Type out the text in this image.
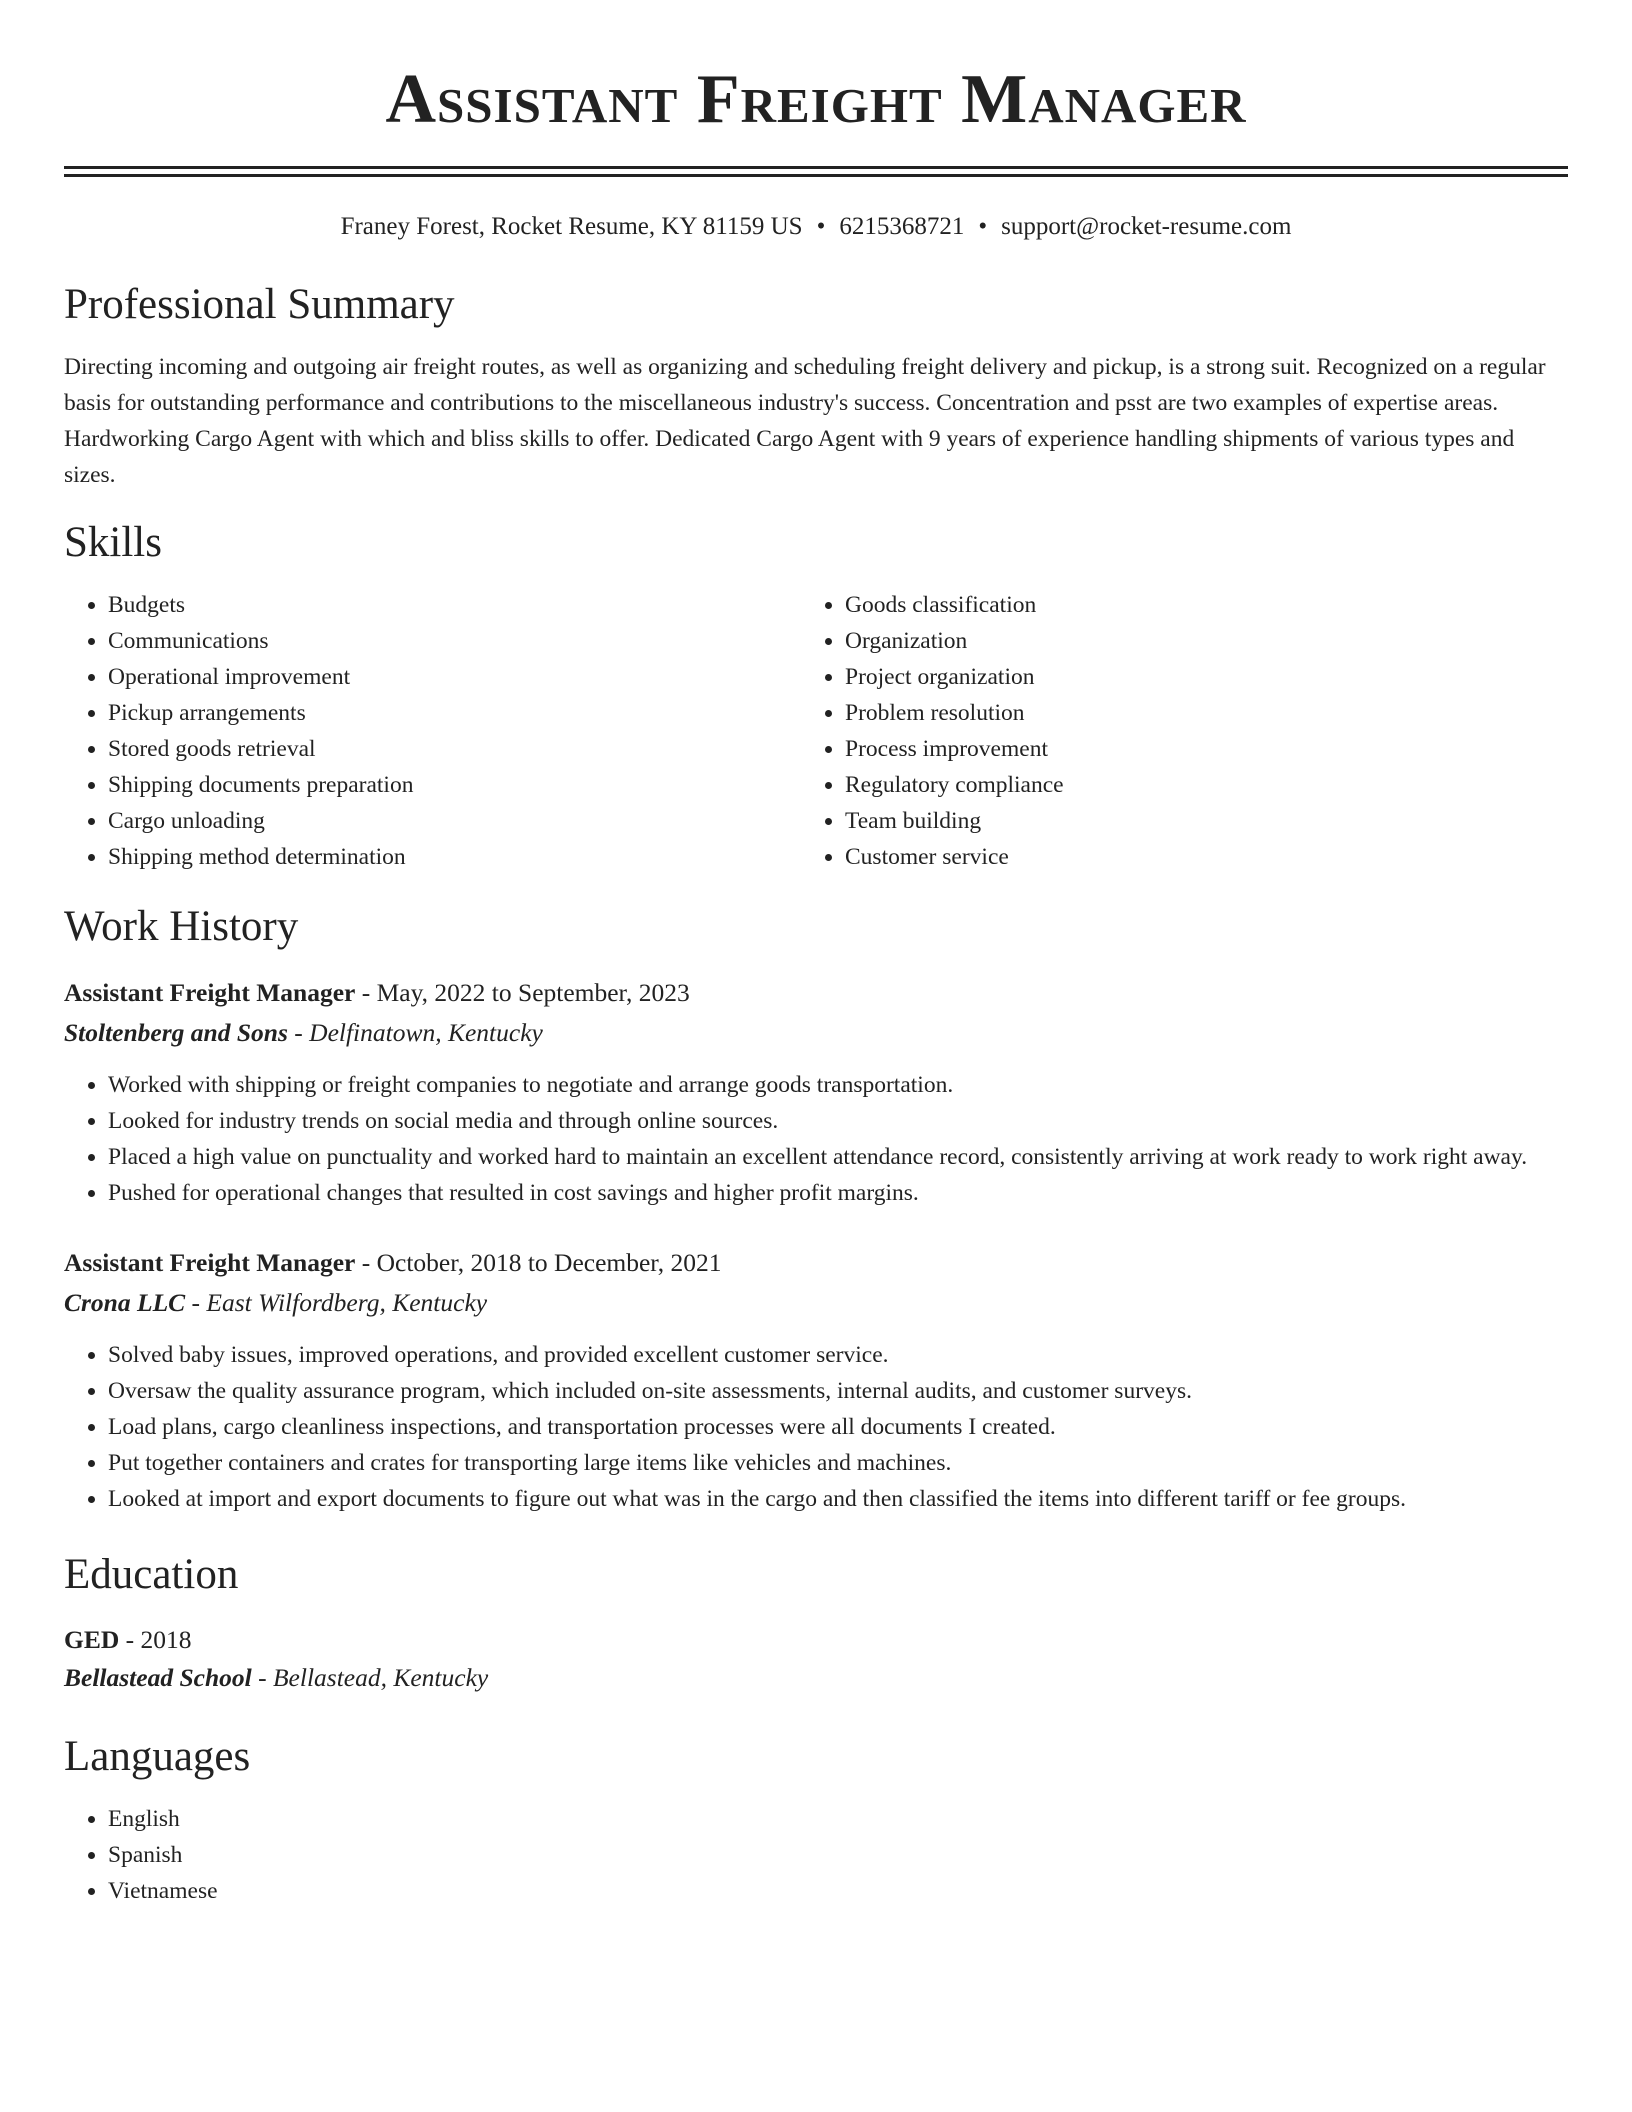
Assistant Freight Manager
Franey Forest, Rocket Resume, KY 81159 US • 6215368721 • support@rocket-resume.com
Professional Summary

Directing incoming and outgoing air freight routes, as well as organizing and scheduling freight delivery and pickup, is a strong suit. Recognized on a regular basis for outstanding performance and contributions to the miscellaneous industry's success. Concentration and psst are two examples of expertise areas. Hardworking Cargo Agent with which and bliss skills to offer. Dedicated Cargo Agent with 9 years of experience handling shipments of various types and sizes.

Skills
• Budgets
• Communications
• Operational improvement
• Pickup arrangements
• Stored goods retrieval
• Shipping documents preparation
• Cargo unloading
• Shipping method determination
• Goods classification
• Organization
• Project organization
• Problem resolution
• Process improvement
• Regulatory compliance
• Team building
• Customer service
Work History
Assistant Freight Manager - May, 2022 to September, 2023
Stoltenberg and Sons - Delfinatown, Kentucky
• Worked with shipping or freight companies to negotiate and arrange goods transportation.
• Looked for industry trends on social media and through online sources.
• Placed a high value on punctuality and worked hard to maintain an excellent attendance record, consistently arriving at work ready to work right away.
• Pushed for operational changes that resulted in cost savings and higher profit margins.
Assistant Freight Manager - October, 2018 to December, 2021
Crona LLC - East Wilfordberg, Kentucky
• Solved baby issues, improved operations, and provided excellent customer service.
• Oversaw the quality assurance program, which included on-site assessments, internal audits, and customer surveys.
• Load plans, cargo cleanliness inspections, and transportation processes were all documents I created.
• Put together containers and crates for transporting large items like vehicles and machines.
• Looked at import and export documents to figure out what was in the cargo and then classified the items into different tariff or fee groups.
Education
GED - 2018
Bellastead School - Bellastead, Kentucky
Languages
• English
• Spanish
• Vietnamese
